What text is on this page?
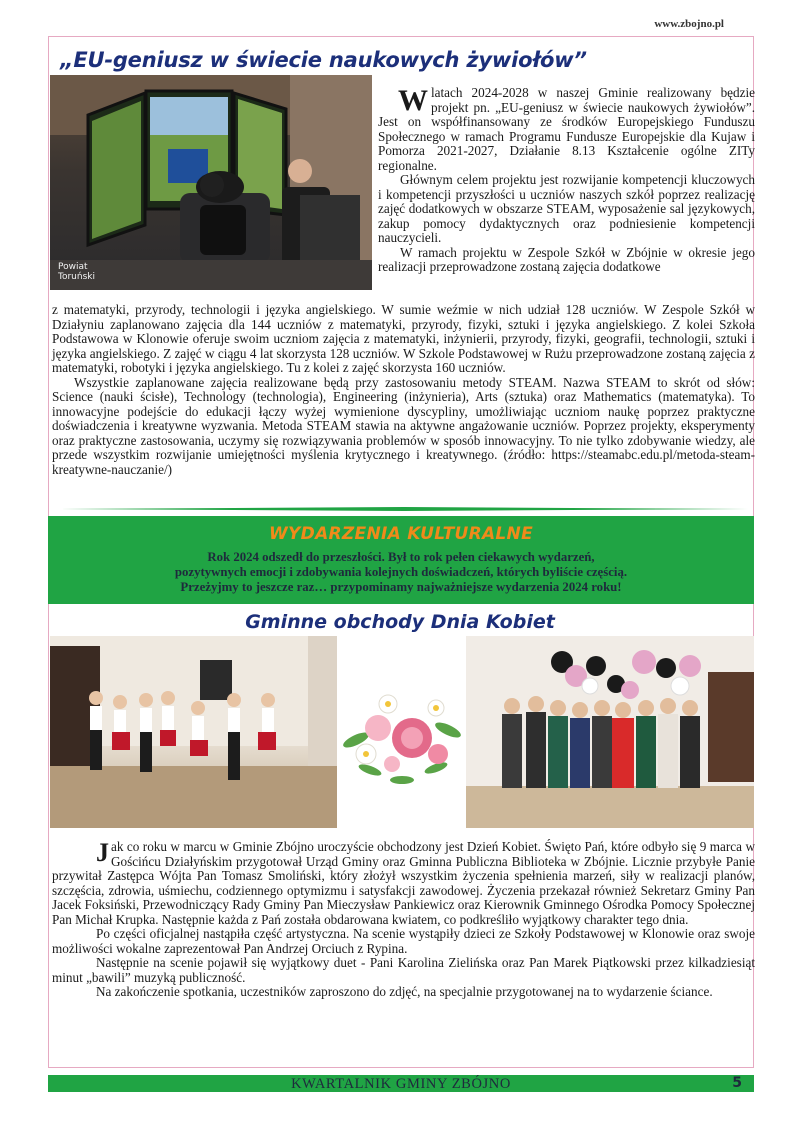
www.zbojno.pl
„EU-geniusz w świecie naukowych żywiołów”
Powiat
Toruński
Wlatach 2024-2028 w naszej Gminie realizowany będzie projekt pn. „EU-geniusz w świecie naukowych żywiołów”. Jest on współfinansowany ze środków Europejskiego Funduszu Społecznego w ramach Programu Fundusze Europejskie dla Kujaw i Pomorza 2021-2027, Działanie 8.13 Kształcenie ogólne ZITy regionalne.
Głównym celem projektu jest rozwijanie kompetencji kluczowych i kompetencji przyszłości u uczniów naszych szkół poprzez realizację zajęć dodatkowych w obszarze STEAM, wyposażenie sal językowych, zakup pomocy dydaktycznych oraz podniesienie kompetencji nauczycieli.
W ramach projektu w Zespole Szkół w Zbójnie w okresie jego realizacji przeprowadzone zostaną zajęcia dodatkowe
z matematyki, przyrody, technologii i języka angielskiego. W sumie weźmie w nich udział 128 uczniów. W Zespole Szkół w Działyniu zaplanowano zajęcia dla 144 uczniów z matematyki, przyrody, fizyki, sztuki i języka angielskiego. Z kolei Szkoła Podstawowa w Klonowie oferuje swoim uczniom zajęcia z matematyki, inżynierii, przyrody, fizyki, geografii, technologii, sztuki i języka angielskiego. Z zajęć w ciągu 4 lat skorzysta 128 uczniów. W Szkole Podstawowej w Rużu przeprowadzone zostaną zajęcia z matematyki, robotyki i języka angielskiego. Tu z kolei z zajęć skorzysta 160 uczniów.
Wszystkie zaplanowane zajęcia realizowane będą przy zastosowaniu metody STEAM. Nazwa STEAM to skrót od słów: Science (nauki ścisłe), Technology (technologia), Engineering (inżynieria), Arts (sztuka) oraz Mathematics (matematyka). To innowacyjne podejście do edukacji łączy wyżej wymienione dyscypliny, umożliwiając uczniom naukę poprzez praktyczne doświadczenia i kreatywne wyzwania. Metoda STEAM stawia na aktywne angażowanie uczniów. Poprzez projekty, eksperymenty oraz praktyczne zastosowania, uczymy się rozwiązywania problemów w sposób innowacyjny. To nie tylko zdobywanie wiedzy, ale przede wszystkim rozwijanie umiejętności myślenia krytycznego i kreatywnego. (źródło: https://steamabc.edu.pl/metoda-steam-kreatywne-nauczanie/)
WYDARZENIA KULTURALNE
Rok 2024 odszedł do przeszłości. Był to rok pełen ciekawych wydarzeń,
pozytywnych emocji i zdobywania kolejnych doświadczeń, których byliście częścią.
Przeżyjmy to jeszcze raz… przypominamy najważniejsze wydarzenia 2024 roku!
Gminne obchody Dnia Kobiet
Jak co roku w marcu w Gminie Zbójno uroczyście obchodzony jest Dzień Kobiet. Święto Pań, które odbyło się 9 marca w Gościńcu Działyńskim przygotował Urząd Gminy oraz Gminna Publiczna Biblioteka w Zbójnie. Licznie przybyłe Panie przywitał Zastępca Wójta Pan Tomasz Smoliński, który złożył wszystkim życzenia spełnienia marzeń, siły w realizacji planów, szczęścia, zdrowia, uśmiechu, codziennego optymizmu i satysfakcji zawodowej. Życzenia przekazał również Sekretarz Gminy Pan Jacek Foksiński, Przewodniczący Rady Gminy Pan Mieczysław Pankiewicz oraz Kierownik Gminnego Ośrodka Pomocy Społecznej Pan Michał Krupka. Następnie każda z Pań została obdarowana kwiatem, co podkreśliło wyjątkowy charakter tego dnia.
Po części oficjalnej nastąpiła część artystyczna. Na scenie wystąpiły dzieci ze Szkoły Podstawowej w Klonowie oraz swoje możliwości wokalne zaprezentował Pan Andrzej Orciuch z Rypina.
Następnie na scenie pojawił się wyjątkowy duet - Pani Karolina Zielińska oraz Pan Marek Piątkowski przez kilkadziesiąt minut „bawili” muzyką publiczność.
Na zakończenie spotkania, uczestników zaproszono do zdjęć, na specjalnie przygotowanej na to wydarzenie ściance.
KWARTALNIK GMINY ZBÓJNO	5
